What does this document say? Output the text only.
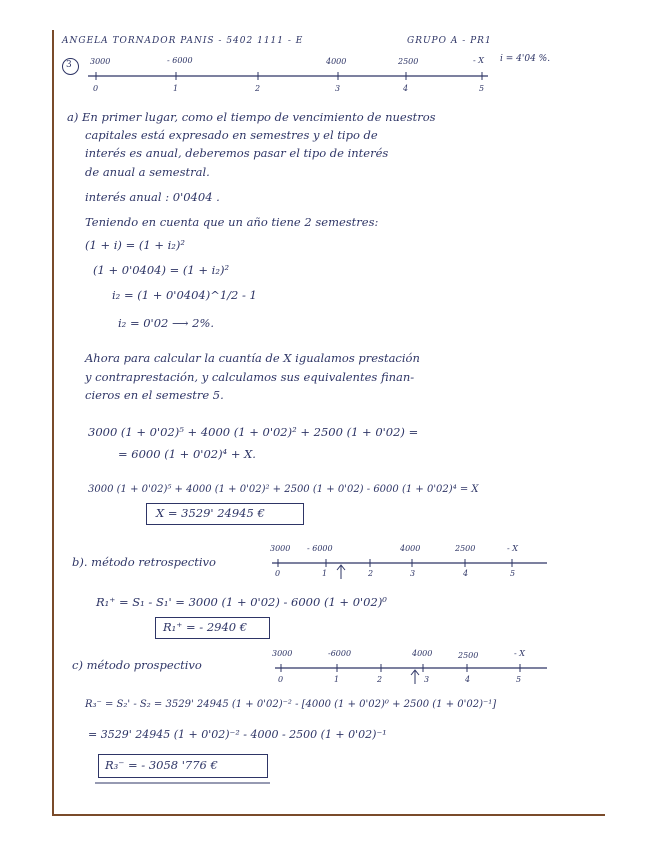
ANGELA TORNADOR PANIS - 5402 1111 - E	GRUPO A - PR1
3 3000	- 6000	4000	2500	- X i = 4'04 %.
0	1	2	3	4	5
a) En primer lugar, como el tiempo de vencimiento de nuestros
capitales está expresado en semestres y el tipo de
interés es anual, deberemos pasar el tipo de interés
de anual a semestral.
interés anual : 0'0404 .
Teniendo en cuenta que un año tiene 2 semestres:
(1 + i) = (1 + i₂)²
(1 + 0'0404) = (1 + i₂)²
i₂ = (1 + 0'0404)^1/2 - 1
i₂ = 0'02 ⟶ 2%.
Ahora para calcular la cuantía de X igualamos prestación
y contraprestación, y calculamos sus equivalentes finan-
cieros en el semestre 5.
3000 (1 + 0'02)⁵ + 4000 (1 + 0'02)² + 2500 (1 + 0'02) =
= 6000 (1 + 0'02)⁴ + X.
3000 (1 + 0'02)⁵ + 4000 (1 + 0'02)² + 2500 (1 + 0'02) - 6000 (1 + 0'02)⁴ = X
X = 3529' 24945 €
b). método retrospectivo
3000 - 6000	4000	2500	- X
0	1	2	3	4	5
R₁⁺ = S₁ - S₁' = 3000 (1 + 0'02) - 6000 (1 + 0'02)⁰
R₁⁺ = - 2940 €
c) método prospectivo
3000	-6000	4000	2500	- X
0	1	2	3	4	5
R₃⁻ = S₂' - S₂ = 3529' 24945 (1 + 0'02)⁻² - [4000 (1 + 0'02)⁰ + 2500 (1 + 0'02)⁻¹]
= 3529' 24945 (1 + 0'02)⁻² - 4000 - 2500 (1 + 0'02)⁻¹
R₃⁻ = - 3058 '776 €
